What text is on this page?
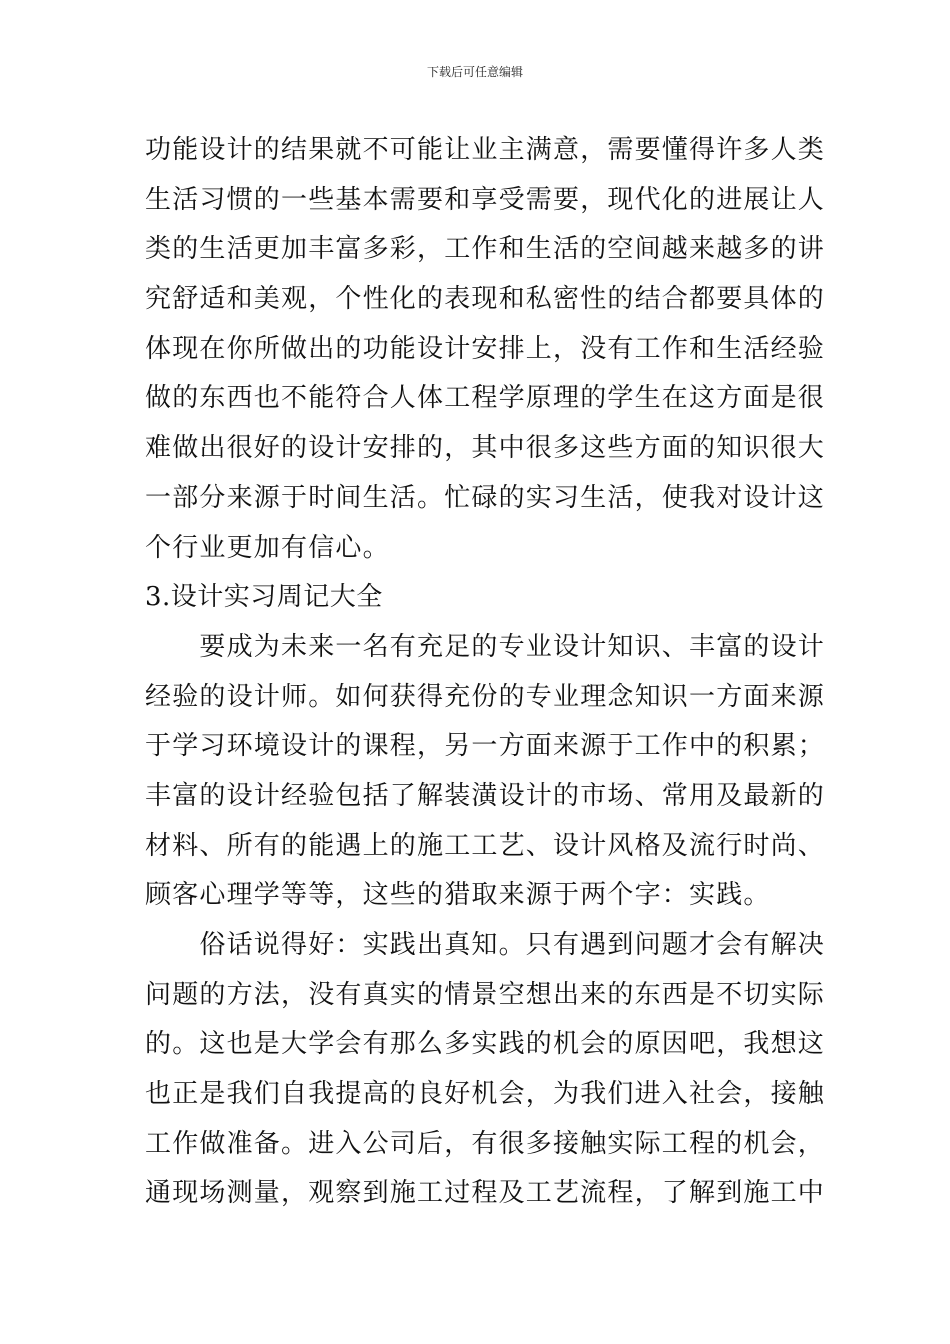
下载后可任意编辑
功能设计的结果就不可能让业主满意，需要懂得许多人类
生活习惯的一些基本需要和享受需要，现代化的进展让人
类的生活更加丰富多彩，工作和生活的空间越来越多的讲
究舒适和美观，个性化的表现和私密性的结合都要具体的
体现在你所做出的功能设计安排上，没有工作和生活经验
做的东西也不能符合人体工程学原理的学生在这方面是很
难做出很好的设计安排的，其中很多这些方面的知识很大
一部分来源于时间生活。忙碌的实习生活，使我对设计这
个行业更加有信心。
3.设计实习周记大全
　　要成为未来一名有充足的专业设计知识、丰富的设计
经验的设计师。如何获得充份的专业理念知识一方面来源
于学习环境设计的课程，另一方面来源于工作中的积累；
丰富的设计经验包括了解装潢设计的市场、常用及最新的
材料、所有的能遇上的施工工艺、设计风格及流行时尚、
顾客心理学等等，这些的猎取来源于两个字：实践。
　　俗话说得好：实践出真知。只有遇到问题才会有解决
问题的方法，没有真实的情景空想出来的东西是不切实际
的。这也是大学会有那么多实践的机会的原因吧，我想这
也正是我们自我提高的良好机会，为我们进入社会，接触
工作做准备。进入公司后，有很多接触实际工程的机会，
通现场测量，观察到施工过程及工艺流程，了解到施工中
